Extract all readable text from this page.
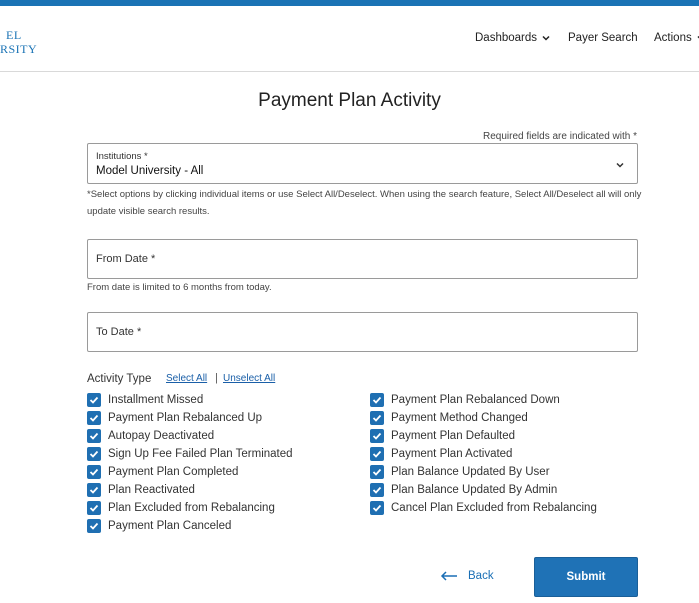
EL
RSITY
Dashboards	Payer Search Actions
Payment Plan Activity
Required fields are indicated with *
Institutions *
Model University - All
*Select options by clicking individual items or use Select All/Deselect. When using the search feature, Select All/Deselect all will only update visible search results.
From Date *
From date is limited to 6 months from today.
To Date *
Activity Type Select All | Unselect All
Installment Missed
Payment Plan Rebalanced Up
Autopay Deactivated
Sign Up Fee Failed Plan Terminated
Payment Plan Completed
Plan Reactivated
Plan Excluded from Rebalancing
Payment Plan Canceled
Payment Plan Rebalanced Down
Payment Method Changed
Payment Plan Defaulted
Payment Plan Activated
Plan Balance Updated By User
Plan Balance Updated By Admin
Cancel Plan Excluded from Rebalancing
Back	Submit
